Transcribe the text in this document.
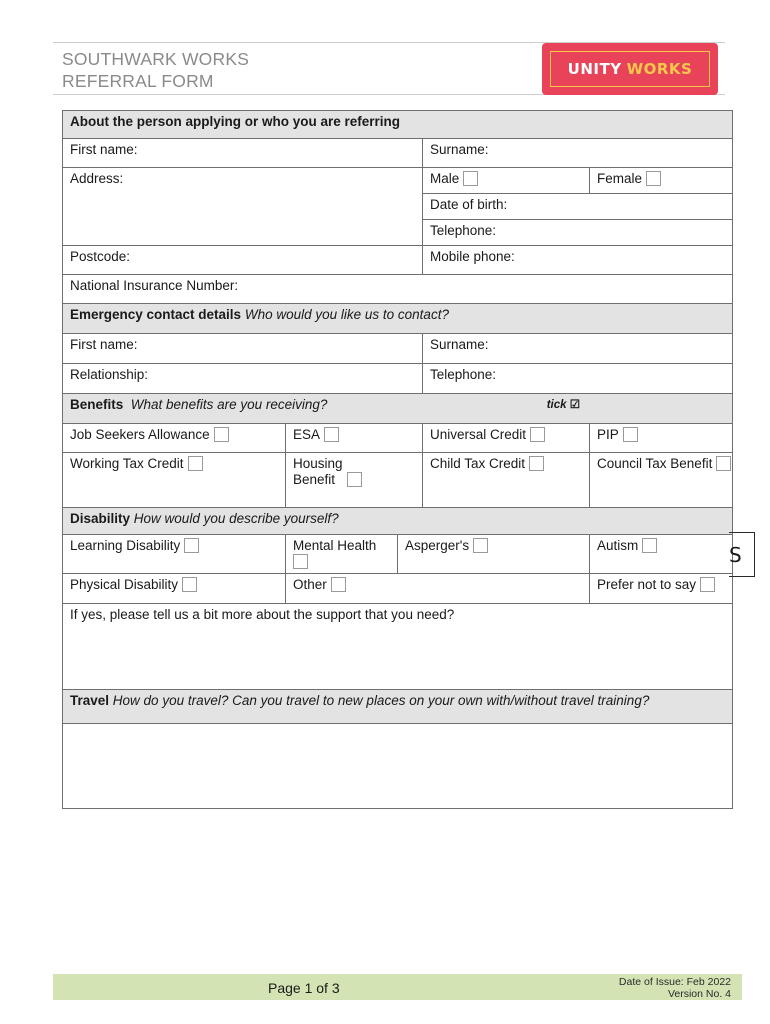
SOUTHWARK WORKS
REFERRAL FORM
UNITY WORKS
About the person applying or who you are referring				
First name:			Surname:	
Address:			Male	Female
			Date of birth:	
			Telephone:	
Postcode:			Mobile phone:	
National Insurance Number:				
Emergency contact details Who would you like us to contact?				
First name:			Surname:	
Relationship:			Telephone:	
Benefits What benefits are you receiving? tick ☑				

Job Seekers Allowance	ESA		Universal Credit	PIP
Working Tax Credit	Housing Benefit		Child Tax Credit	Council Tax Benefit
Disability How would you describe yourself?				
Learning Disability	Mental Health	Asperger's		Autism
Physical Disability	Other			Prefer not to say
If yes, please tell us a bit more about the support that you need?				
Travel How do you travel? Can you travel to new places on your own with/without travel training?				

S
Page 1 of 3	Date of Issue: Feb 2022
Version No. 4
